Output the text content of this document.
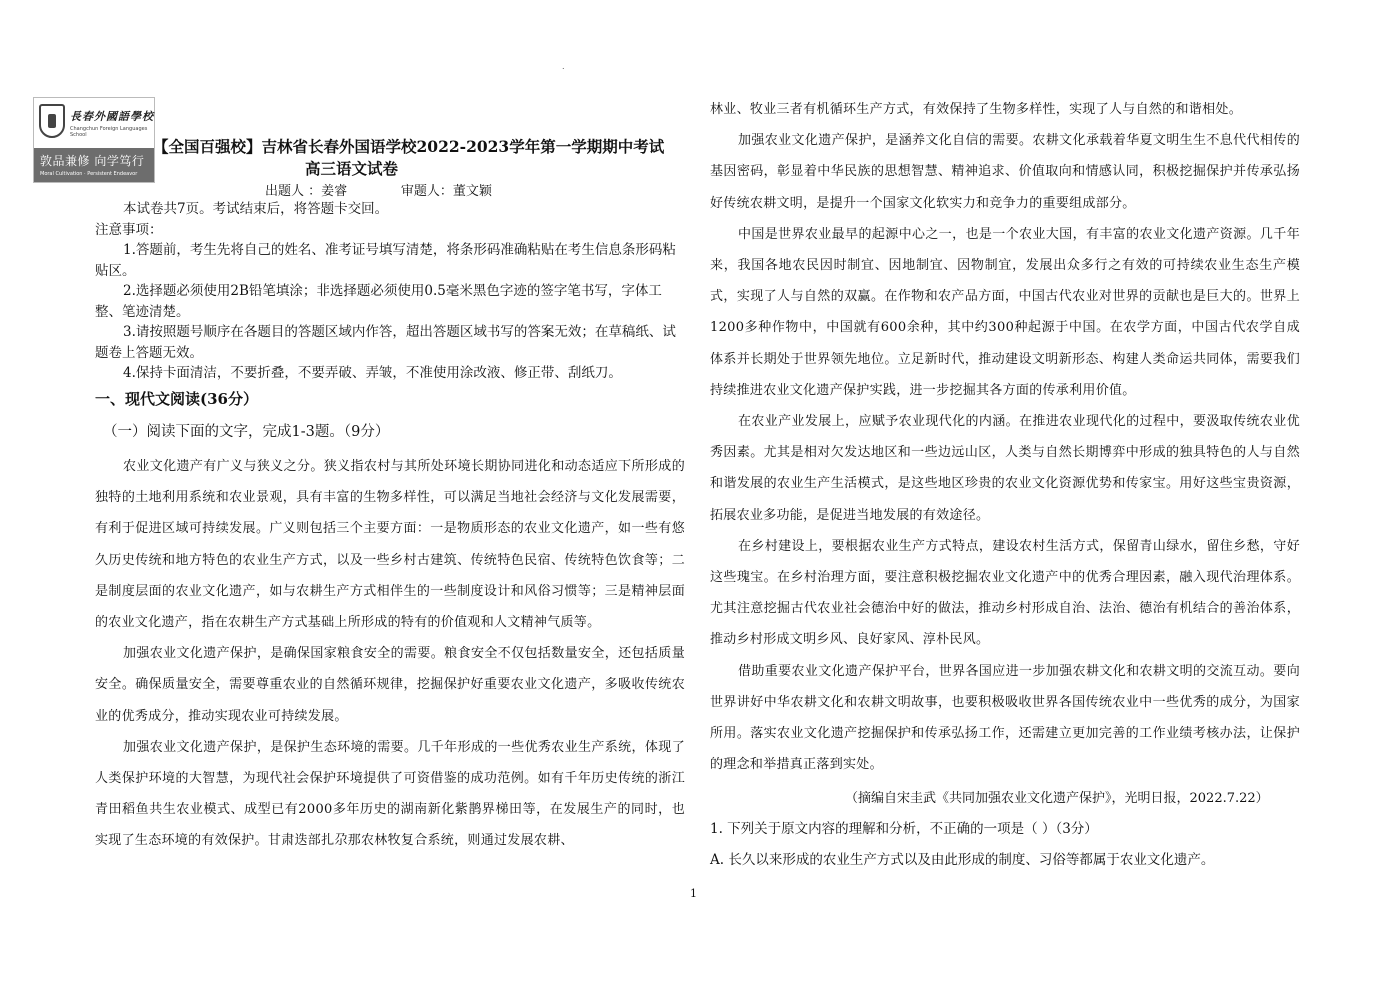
.
長春外國語學校
Changchun Foreign Languages School
敦品兼修 向学笃行
Moral Cultivation · Persistent Endeavor
【全国百强校】吉林省长春外国语学校2022-2023学年第一学期期中考试
高三语文试卷
出题人 ：姜睿             审题人：董文颖

本试卷共7页。考试结束后，将答题卡交回。

注意事项：

1.答题前，考生先将自己的姓名、准考证号填写清楚，将条形码准确粘贴在考生信息条形码粘贴区。

2.选择题必须使用2B铅笔填涂；非选择题必须使用0.5毫米黑色字迹的签字笔书写，字体工整、笔迹清楚。

3.请按照题号顺序在各题目的答题区域内作答，超出答题区域书写的答案无效；在草稿纸、试题卷上答题无效。

4.保持卡面清洁，不要折叠，不要弄破、弄皱，不准使用涂改液、修正带、刮纸刀。

一、现代文阅读(36分）
（一）阅读下面的文字，完成1-3题。（9分）

农业文化遗产有广义与狭义之分。狭义指农村与其所处环境长期协同进化和动态适应下所形成的独特的土地利用系统和农业景观，具有丰富的生物多样性，可以满足当地社会经济与文化发展需要，有利于促进区域可持续发展。广义则包括三个主要方面：一是物质形态的农业文化遗产，如一些有悠久历史传统和地方特色的农业生产方式，以及一些乡村古建筑、传统特色民宿、传统特色饮食等；二是制度层面的农业文化遗产，如与农耕生产方式相伴生的一些制度设计和风俗习惯等；三是精神层面的农业文化遗产，指在农耕生产方式基础上所形成的特有的价值观和人文精神气质等。

加强农业文化遗产保护，是确保国家粮食安全的需要。粮食安全不仅包括数量安全，还包括质量安全。确保质量安全，需要尊重农业的自然循环规律，挖掘保护好重要农业文化遗产，多吸收传统农业的优秀成分，推动实现农业可持续发展。

加强农业文化遗产保护，是保护生态环境的需要。几千年形成的一些优秀农业生产系统，体现了人类保护环境的大智慧，为现代社会保护环境提供了可资借鉴的成功范例。如有千年历史传统的浙江青田稻鱼共生农业模式、成型已有2000多年历史的湖南新化紫鹊界梯田等，在发展生产的同时，也实现了生态环境的有效保护。甘肃迭部扎尕那农林牧复合系统，则通过发展农耕、

林业、牧业三者有机循环生产方式，有效保持了生物多样性，实现了人与自然的和谐相处。

加强农业文化遗产保护，是涵养文化自信的需要。农耕文化承载着华夏文明生生不息代代相传的基因密码，彰显着中华民族的思想智慧、精神追求、价值取向和情感认同，积极挖掘保护并传承弘扬好传统农耕文明，是提升一个国家文化软实力和竞争力的重要组成部分。

中国是世界农业最早的起源中心之一，也是一个农业大国，有丰富的农业文化遗产资源。几千年来，我国各地农民因时制宜、因地制宜、因物制宜，发展出众多行之有效的可持续农业生态生产模式，实现了人与自然的双赢。在作物和农产品方面，中国古代农业对世界的贡献也是巨大的。世界上1200多种作物中，中国就有600余种，其中约300种起源于中国。在农学方面，中国古代农学自成体系并长期处于世界领先地位。立足新时代，推动建设文明新形态、构建人类命运共同体，需要我们持续推进农业文化遗产保护实践，进一步挖掘其各方面的传承利用价值。

在农业产业发展上，应赋予农业现代化的内涵。在推进农业现代化的过程中，要汲取传统农业优秀因素。尤其是相对欠发达地区和一些边远山区，人类与自然长期博弈中形成的独具特色的人与自然和谐发展的农业生产生活模式，是这些地区珍贵的农业文化资源优势和传家宝。用好这些宝贵资源，拓展农业多功能，是促进当地发展的有效途径。

在乡村建设上，要根据农业生产方式特点，建设农村生活方式，保留青山绿水，留住乡愁，守好这些瑰宝。在乡村治理方面，要注意积极挖掘农业文化遗产中的优秀合理因素，融入现代治理体系。尤其注意挖掘古代农业社会德治中好的做法，推动乡村形成自治、法治、德治有机结合的善治体系，推动乡村形成文明乡风、良好家风、淳朴民风。

借助重要农业文化遗产保护平台，世界各国应进一步加强农耕文化和农耕文明的交流互动。要向世界讲好中华农耕文化和农耕文明故事，也要积极吸收世界各国传统农业中一些优秀的成分，为国家所用。落实农业文化遗产挖掘保护和传承弘扬工作，还需建立更加完善的工作业绩考核办法，让保护的理念和举措真正落到实处。

（摘编自宋圭武《共同加强农业文化遗产保护》，光明日报，2022.7.22）
1. 下列关于原文内容的理解和分析，不正确的一项是（ ）（3分）
A. 长久以来形成的农业生产方式以及由此形成的制度、习俗等都属于农业文化遗产。
1
